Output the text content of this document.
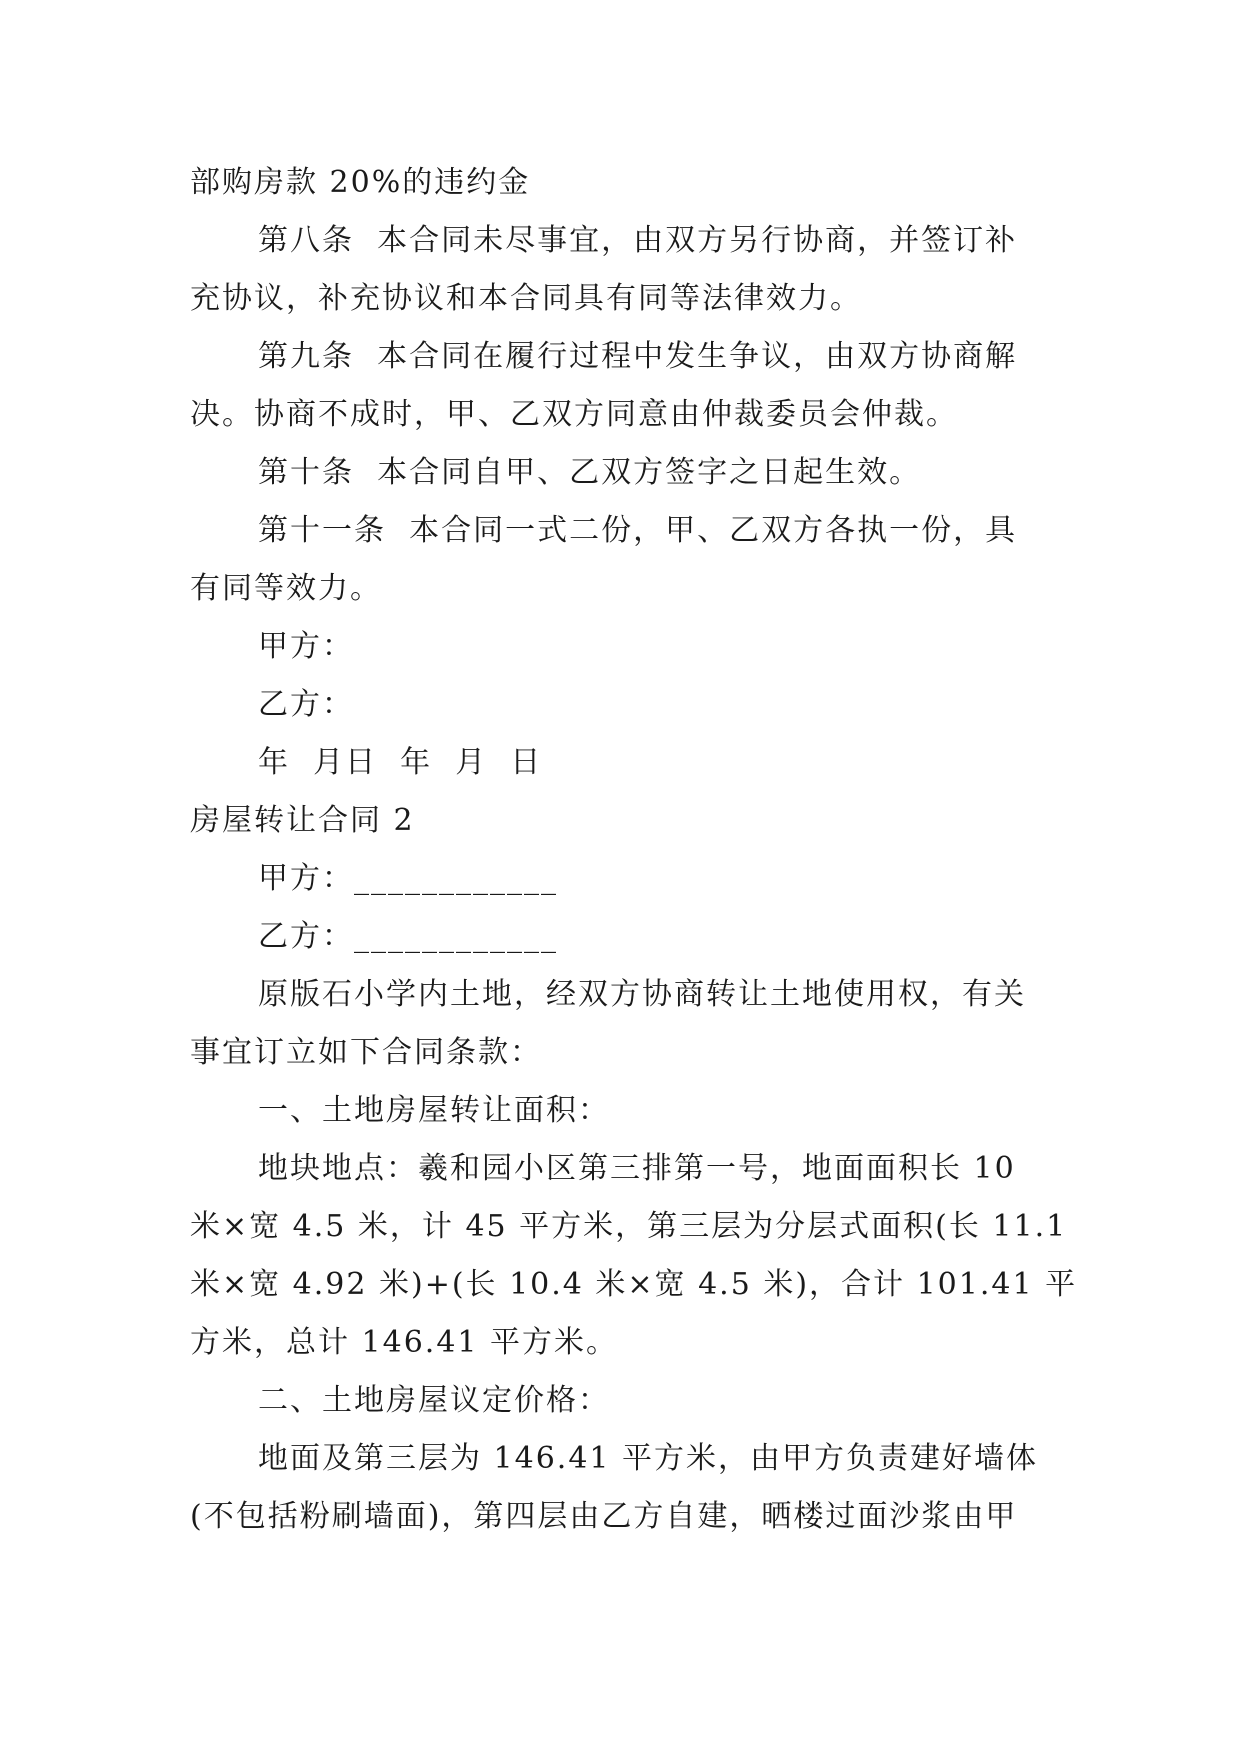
部购房款 20%的违约金
第八条  本合同未尽事宜，由双方另行协商，并签订补
充协议，补充协议和本合同具有同等法律效力。
第九条  本合同在履行过程中发生争议，由双方协商解
决。协商不成时，甲、乙双方同意由仲裁委员会仲裁。
第十条  本合同自甲、乙双方签字之日起生效。
第十一条  本合同一式二份，甲、乙双方各执一份，具
有同等效力。
甲方：
乙方：
年  月日  年  月  日
房屋转让合同 2
甲方：____________
乙方：____________
原版石小学内土地，经双方协商转让土地使用权，有关
事宜订立如下合同条款：
一、土地房屋转让面积：
地块地点：羲和园小区第三排第一号，地面面积长 10
米×宽 4.5 米，计 45 平方米，第三层为分层式面积(长 11.1
米×宽 4.92 米)+(长 10.4 米×宽 4.5 米)，合计 101.41 平
方米，总计 146.41 平方米。
二、土地房屋议定价格：
地面及第三层为 146.41 平方米，由甲方负责建好墙体
(不包括粉刷墙面)，第四层由乙方自建，晒楼过面沙浆由甲
